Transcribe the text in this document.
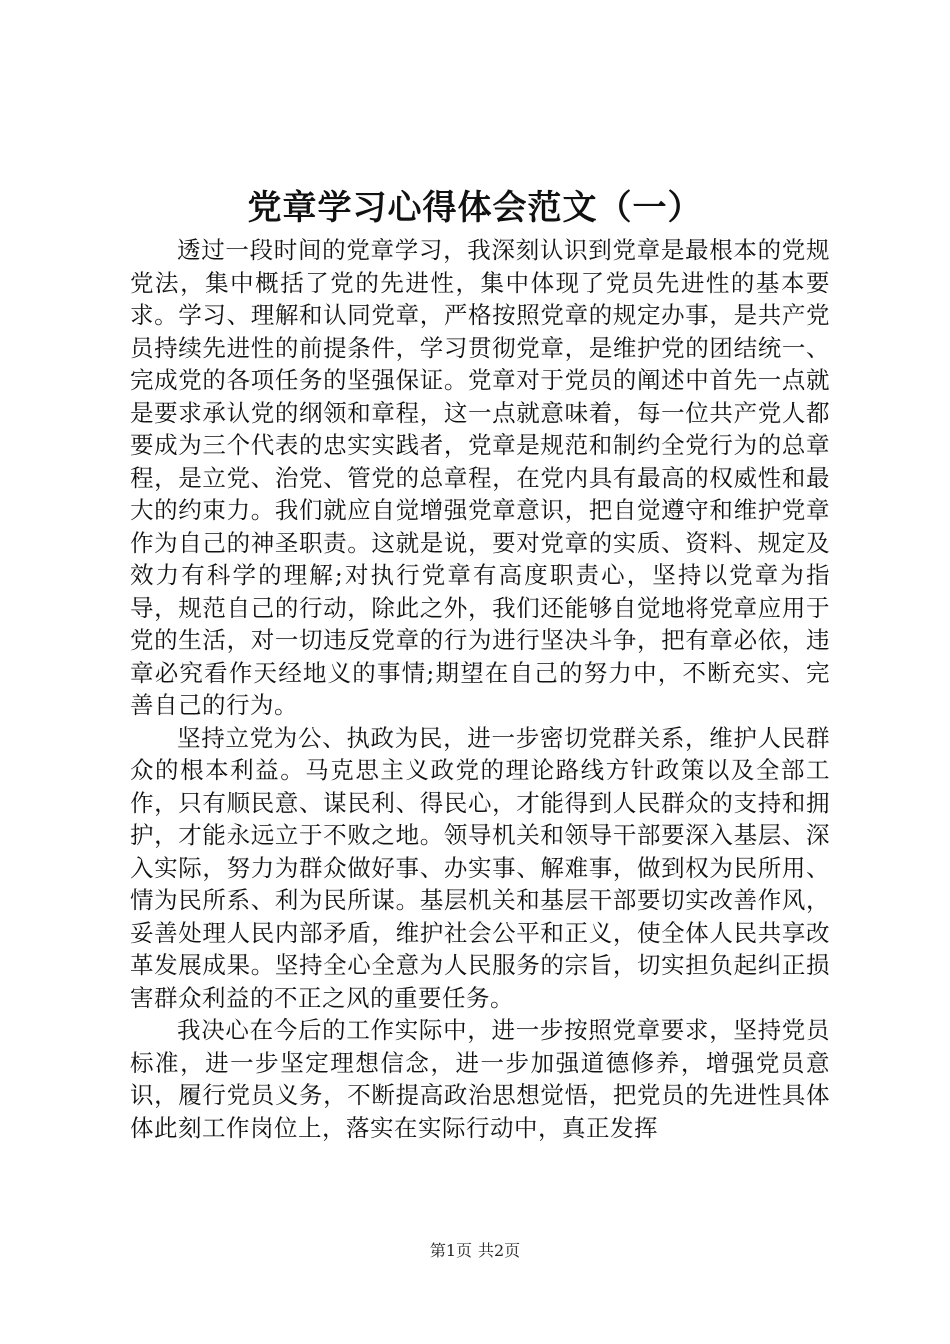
党章学习心得体会范文（一）

透过一段时间的党章学习，我深刻认识到党章是最根本的党规党法，集中概括了党的先进性，集中体现了党员先进性的基本要求。学习、理解和认同党章，严格按照党章的规定办事，是共产党员持续先进性的前提条件，学习贯彻党章，是维护党的团结统一、完成党的各项任务的坚强保证。党章对于党员的阐述中首先一点就是要求承认党的纲领和章程，这一点就意味着，每一位共产党人都要成为三个代表的忠实实践者，党章是规范和制约全党行为的总章程，是立党、治党、管党的总章程，在党内具有最高的权威性和最大的约束力。我们就应自觉增强党章意识，把自觉遵守和维护党章作为自己的神圣职责。这就是说，要对党章的实质、资料、规定及效力有科学的理解;对执行党章有高度职责心，坚持以党章为指导，规范自己的行动，除此之外，我们还能够自觉地将党章应用于党的生活，对一切违反党章的行为进行坚决斗争，把有章必依，违章必究看作天经地义的事情;期望在自己的努力中，不断充实、完善自己的行为。

坚持立党为公、执政为民，进一步密切党群关系，维护人民群众的根本利益。马克思主义政党的理论路线方针政策以及全部工作，只有顺民意、谋民利、得民心，才能得到人民群众的支持和拥护，才能永远立于不败之地。领导机关和领导干部要深入基层、深入实际，努力为群众做好事、办实事、解难事，做到权为民所用、情为民所系、利为民所谋。基层机关和基层干部要切实改善作风，妥善处理人民内部矛盾，维护社会公平和正义，使全体人民共享改革发展成果。坚持全心全意为人民服务的宗旨，切实担负起纠正损害群众利益的不正之风的重要任务。

我决心在今后的工作实际中，进一步按照党章要求，坚持党员标准，进一步坚定理想信念，进一步加强道德修养，增强党员意识，履行党员义务，不断提高政治思想觉悟，把党员的先进性具体体此刻工作岗位上，落实在实际行动中，真正发挥

第1页 共2页
